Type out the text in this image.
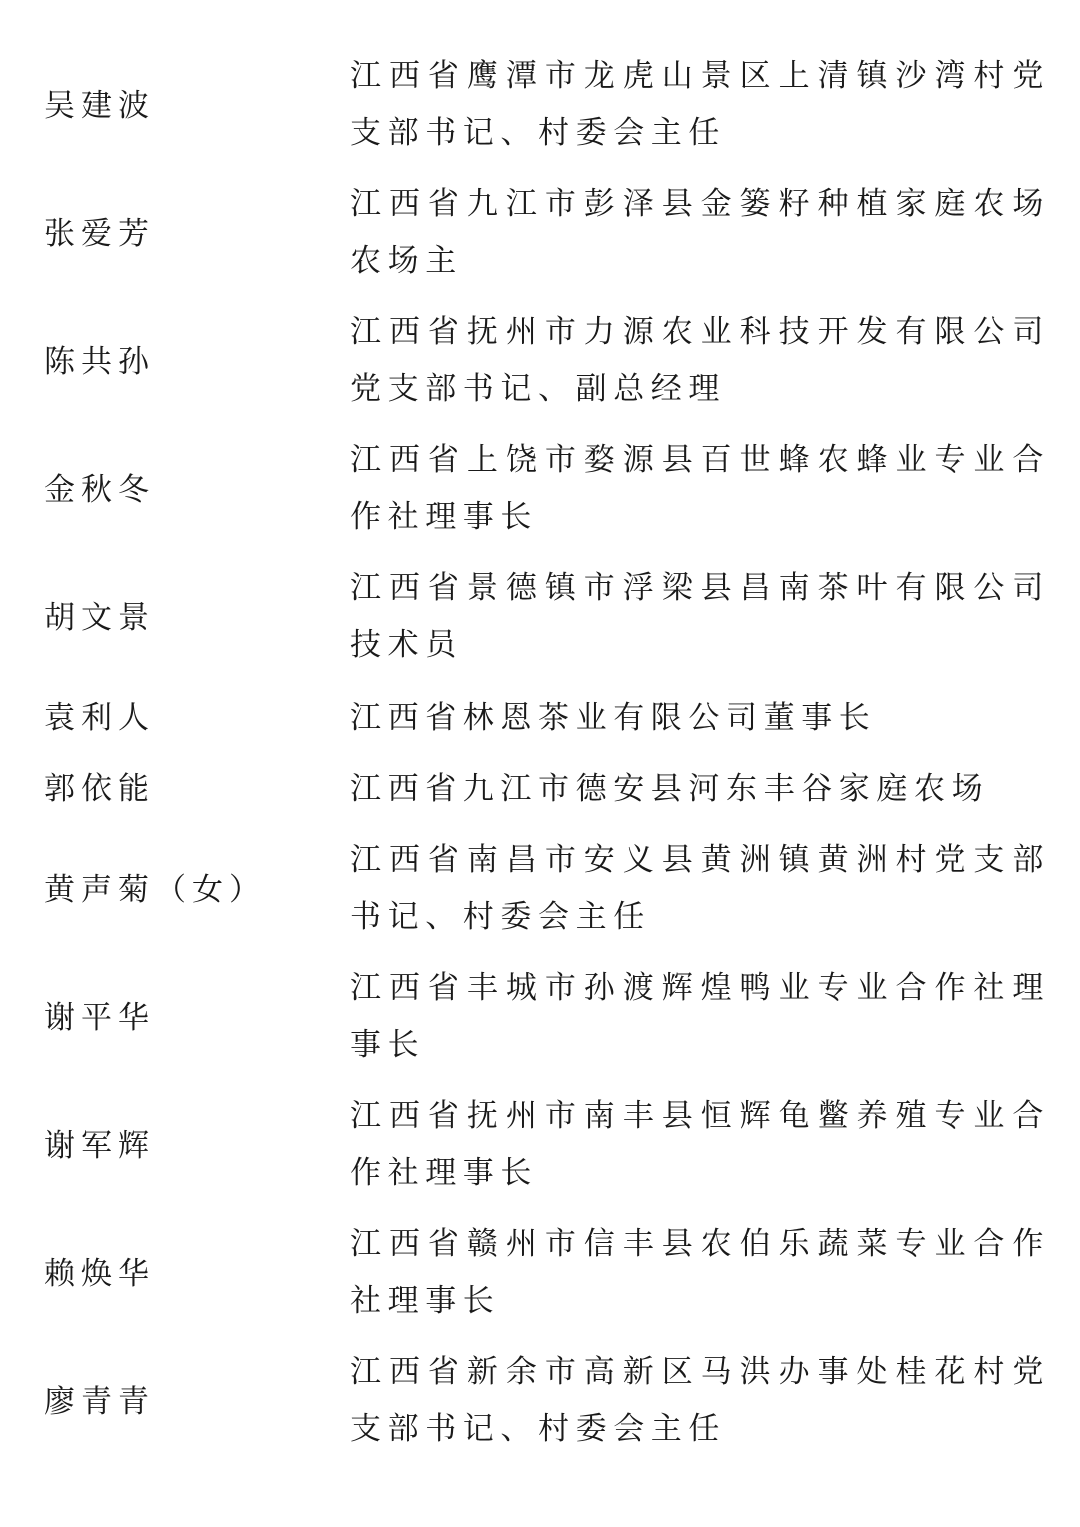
吴建波
江西省鹰潭市龙虎山景区上清镇沙湾村党支部书记、村委会主任
张爱芳
江西省九江市彭泽县金篓籽种植家庭农场农场主
陈共孙
江西省抚州市力源农业科技开发有限公司党支部书记、副总经理
金秋冬
江西省上饶市婺源县百世蜂农蜂业专业合作社理事长
胡文景
江西省景德镇市浮梁县昌南茶叶有限公司技术员
袁利人	江西省林恩茶业有限公司董事长
郭依能	江西省九江市德安县河东丰谷家庭农场
黄声菊（女）
江西省南昌市安义县黄洲镇黄洲村党支部书记、村委会主任
谢平华
江西省丰城市孙渡辉煌鸭业专业合作社理事长
谢军辉
江西省抚州市南丰县恒辉龟鳖养殖专业合作社理事长
赖焕华
江西省赣州市信丰县农伯乐蔬菜专业合作社理事长
廖青青
江西省新余市高新区马洪办事处桂花村党支部书记、村委会主任
